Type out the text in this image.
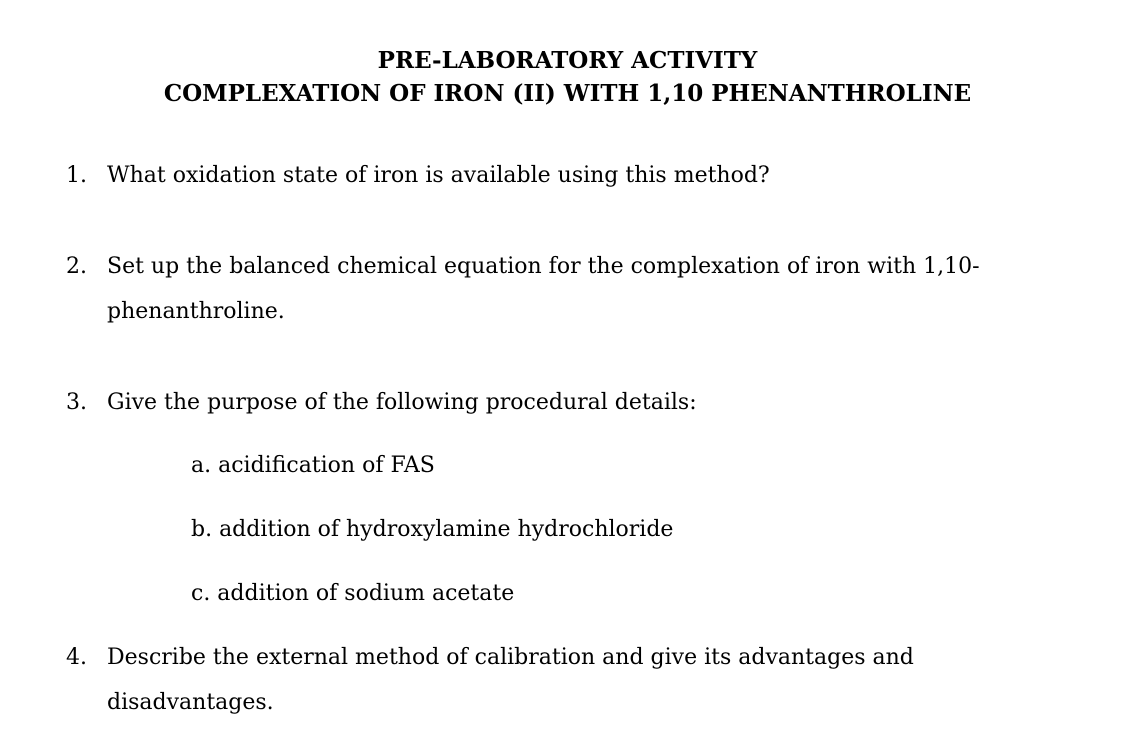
PRE-LABORATORY ACTIVITY
COMPLEXATION OF IRON (II) WITH 1,10 PHENANTHROLINE
1. What oxidation state of iron is available using this method?
2. Set up the balanced chemical equation for the complexation of iron with 1,10-
phenanthroline.
3. Give the purpose of the following procedural details:
a. acidification of FAS
b. addition of hydroxylamine hydrochloride
c. addition of sodium acetate
4. Describe the external method of calibration and give its advantages and
disadvantages.
